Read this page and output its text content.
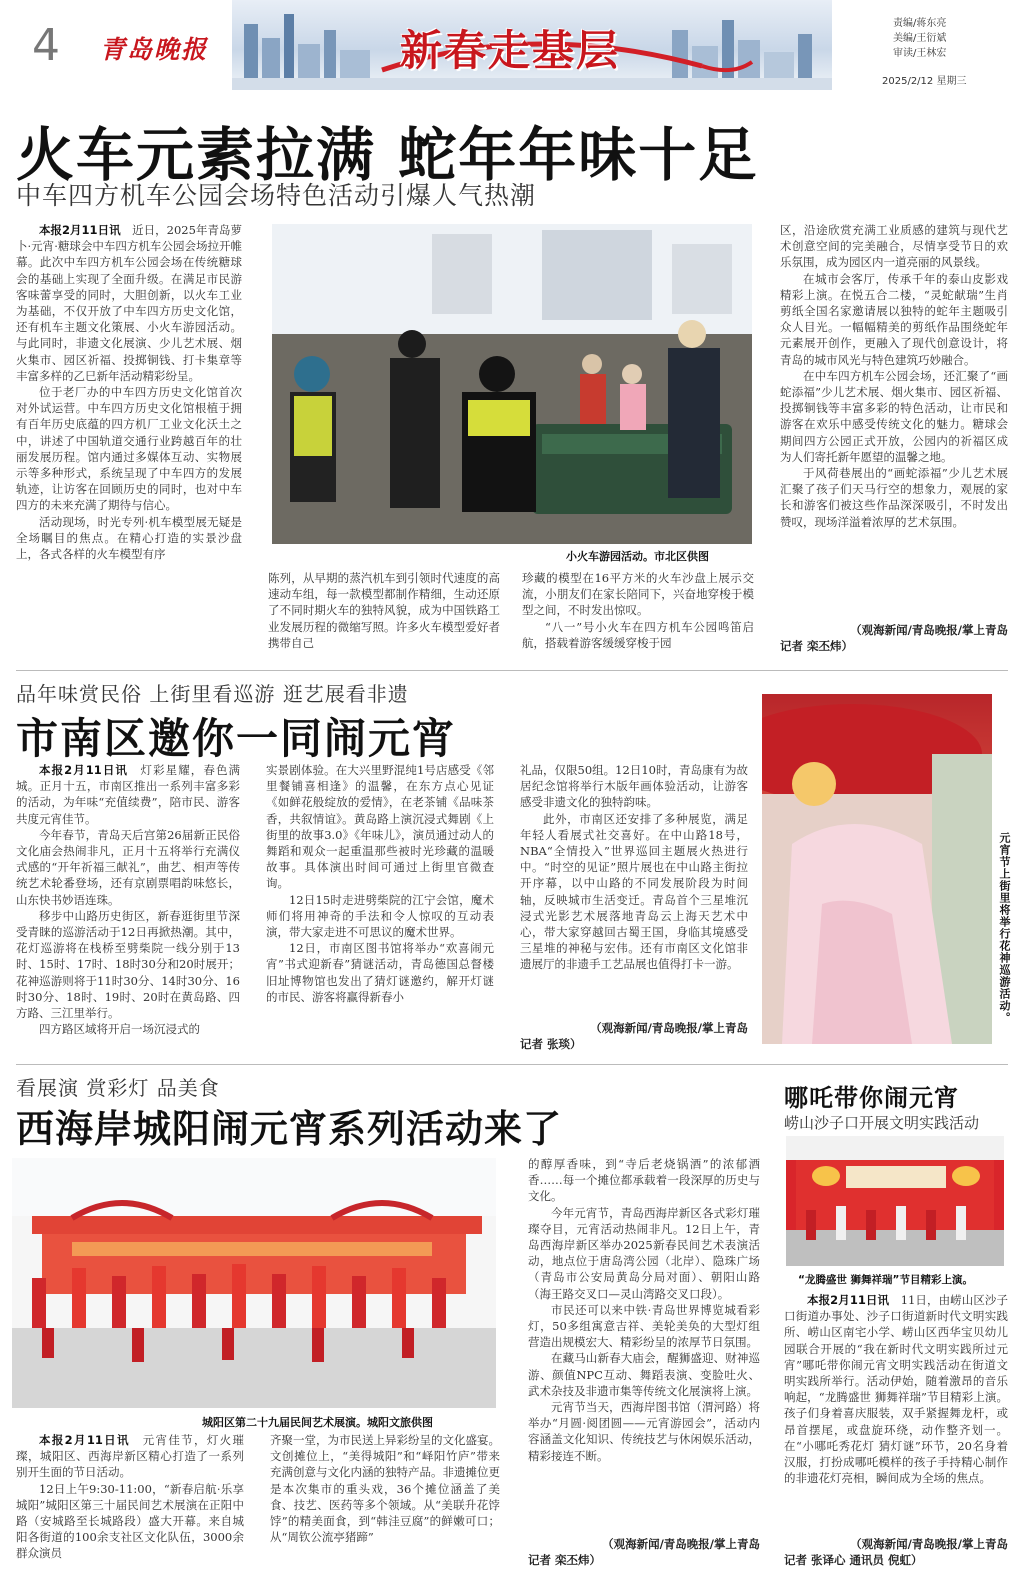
4 青岛晚报	新春走基层
责编/蒋东亮
美编/王衍斌
审读/王林宏
2025/2/12 星期三
火车元素拉满 蛇年年味十足
中车四方机车公园会场特色活动引爆人气热潮

本报2月11日讯　 近日，2025年青岛萝卜·元宵·糖球会中车四方机车公园会场拉开帷幕。此次中车四方机车公园会场在传统糖球会的基础上实现了全面升级。在满足市民游客味蕾享受的同时，大胆创新，以火车工业为基础，不仅开放了中车四方历史文化馆，还有机车主题文化策展、小火车游园活动。与此同时，非遗文化展演、少儿艺术展、烟火集市、园区祈福、投掷铜钱、打卡集章等丰富多样的乙巳新年活动精彩纷呈。

位于老厂办的中车四方历史文化馆首次对外试运营。中车四方历史文化馆根植于拥有百年历史底蕴的四方机厂工业文化沃土之中，讲述了中国轨道交通行业跨越百年的壮丽发展历程。馆内通过多媒体互动、实物展示等多种形式，系统呈现了中车四方的发展轨迹，让访客在回顾历史的同时，也对中车四方的未来充满了期待与信心。

活动现场，时光专列·机车模型展无疑是全场瞩目的焦点。在精心打造的实景沙盘上，各式各样的火车模型有序	小火车游园活动。市北区供图

陈列，从早期的蒸汽机车到引领时代速度的高速动车组，每一款模型都制作精细，生动还原了不同时期火车的独特风貌，成为中国铁路工业发展历程的微缩写照。许多火车模型爱好者携带自己

珍藏的模型在16平方米的火车沙盘上展示交流，小朋友们在家长陪同下，兴奋地穿梭于模型之间，不时发出惊叹。

“八一”号小火车在四方机车公园鸣笛启航，搭载着游客缓缓穿梭于园

区，沿途欣赏充满工业质感的建筑与现代艺术创意空间的完美融合，尽情享受节日的欢乐氛围，成为园区内一道亮丽的风景线。

在城市会客厅，传承千年的泰山皮影戏精彩上演。在悦五合二楼，“灵蛇献瑞”生肖剪纸全国名家邀请展以独特的蛇年主题吸引众人目光。一幅幅精美的剪纸作品围绕蛇年元素展开创作，更融入了现代创意设计，将青岛的城市风光与特色建筑巧妙融合。

在中车四方机车公园会场，还汇聚了“画蛇添福”少儿艺术展、烟火集市、园区祈福、投掷铜钱等丰富多彩的特色活动，让市民和游客在欢乐中感受传统文化的魅力。糖球会期间四方公园正式开放，公园内的祈福区成为人们寄托新年愿望的温馨之地。

于风荷巷展出的“画蛇添福”少儿艺术展汇聚了孩子们天马行空的想象力，观展的家长和游客们被这些作品深深吸引，不时发出赞叹，现场洋溢着浓厚的艺术氛围。

（观海新闻/青岛晚报/掌上青岛

记者 栾丕炜）

品年味赏民俗 上街里看巡游 逛艺展看非遗
市南区邀你一同闹元宵

本报2月11日讯　 灯彩星耀，春色满城。正月十五，市南区推出一系列丰富多彩的活动，为年味“充值续费”，陪市民、游客共度元宵佳节。

今年春节，青岛天后宫第26届新正民俗文化庙会热闹非凡，正月十五将举行充满仪式感的“开年祈福三献礼”，曲艺、相声等传统艺术轮番登场，还有京剧票唱韵味悠长，山东快书妙语连珠。

移步中山路历史街区，新春逛街里节深受青睐的巡游活动于12日再掀热潮。其中，花灯巡游将在栈桥至劈柴院一线分别于13时、15时、17时、18时30分和20时展开；花神巡游则将于11时30分、14时30分、16时30分、18时、19时、20时在黄岛路、四方路、三江里举行。

四方路区域将开启一场沉浸式的

实景剧体验。在大兴里野混纯1号店感受《邻里餐铺喜相逢》的温馨，在东方点心见证《如鲜花般绽放的爱情》，在老茶铺《品味茶香，共叙情谊》。黄岛路上演沉浸式舞剧《上街里的故事3.0》《年味儿》，演员通过动人的舞蹈和观众一起重温那些被时光珍藏的温暖故事。具体演出时间可通过上街里官微查询。

12日15时走进劈柴院的江宁会馆，魔术师们将用神奇的手法和令人惊叹的互动表演，带大家走进不可思议的魔术世界。

12日，市南区图书馆将举办“欢喜闹元宵”书式迎新春”猜谜活动，青岛德国总督楼旧址博物馆也发出了猜灯谜邀约，解开灯谜的市民、游客将赢得新春小

礼品，仅限50组。12日10时，青岛康有为故居纪念馆将举行木版年画体验活动，让游客感受非遗文化的独特韵味。

此外，市南区还安排了多种展览，满足年轻人看展式社交喜好。在中山路18号，NBA“全情投入”世界巡回主题展火热进行中。“时空的见证”照片展也在中山路主街拉开序幕，以中山路的不同发展阶段为时间轴，反映城市生活变迁。青岛首个三星堆沉浸式光影艺术展落地青岛云上海天艺术中心，带大家穿越回古蜀王国，身临其境感受三星堆的神秘与宏伟。还有市南区文化馆非遗展厅的非遗手工艺品展也值得打卡一游。

（观海新闻/青岛晚报/掌上青岛

记者 张琰）

元宵节上街里将举行花神巡游活动。
看展演 赏彩灯 品美食
西海岸城阳闹元宵系列活动来了
城阳区第二十九届民间艺术展演。城阳文旅供图

本报2月11日讯　 元宵佳节，灯火璀璨，城阳区、西海岸新区精心打造了一系列别开生面的节日活动。

12日上午9:30-11:00，“新春启航·乐享城阳”城阳区第三十届民间艺术展演在正阳中路（安城路至长城路段）盛大开幕。来自城阳各街道的100余支社区文化队伍，3000余群众演员

齐聚一堂，为市民送上异彩纷呈的文化盛宴。文创摊位上，“美得城阳”和“峄阳竹庐”带来充满创意与文化内涵的独特产品。非遗摊位更是本次集市的重头戏，36个摊位涵盖了美食、技艺、医药等多个领域。从“美联升花饽饽”的精美面食，到“韩洼豆腐”的鲜嫩可口；从“周钦公流亭猪蹄”

的醇厚香味，到“寺后老烧锅酒”的浓郁酒香……每一个摊位都承载着一段深厚的历史与文化。

今年元宵节，青岛西海岸新区各式彩灯璀璨夺目，元宵活动热闹非凡。12日上午，青岛西海岸新区举办2025新春民间艺术表演活动，地点位于唐岛湾公园（北岸）、隐珠广场（青岛市公安局黄岛分局对面）、朝阳山路（海王路交叉口—灵山湾路交叉口段）。

市民还可以来中铁·青岛世界博览城看彩灯，50多组寓意吉祥、美轮美奂的大型灯组营造出规模宏大、精彩纷呈的浓厚节日氛围。

在藏马山新春大庙会，醒狮盛迎、财神巡游、颜值NPC互动、舞蹈表演、变脸吐火、武术杂技及非遗市集等传统文化展演将上演。

元宵节当天，西海岸图书馆（渭河路）将举办“月圆·阅团圆——元宵游园会”，活动内容涵盖文化知识、传统技艺与休闲娱乐活动，精彩接连不断。

（观海新闻/青岛晚报/掌上青岛

记者 栾丕炜）

哪吒带你闹元宵
崂山沙子口开展文明实践活动
“龙腾盛世 狮舞祥瑞”节目精彩上演。

本报2月11日讯　 11日，由崂山区沙子口街道办事处、沙子口街道新时代文明实践所、崂山区南宅小学、崂山区西华宝贝幼儿园联合开展的“我在新时代文明实践所过元宵”哪吒带你闹元宵文明实践活动在街道文明实践所举行。活动伊始，随着激昂的音乐响起，“龙腾盛世 狮舞祥瑞”节目精彩上演。孩子们身着喜庆服装，双手紧握舞龙杆，或昂首摆尾，或盘旋环绕，动作整齐划一。在“小哪吒秀花灯 猜灯谜”环节，20名身着汉服，打扮成哪吒模样的孩子手持精心制作的非遗花灯亮相，瞬间成为全场的焦点。

（观海新闻/青岛晚报/掌上青岛

记者 张译心 通讯员 倪虹）
